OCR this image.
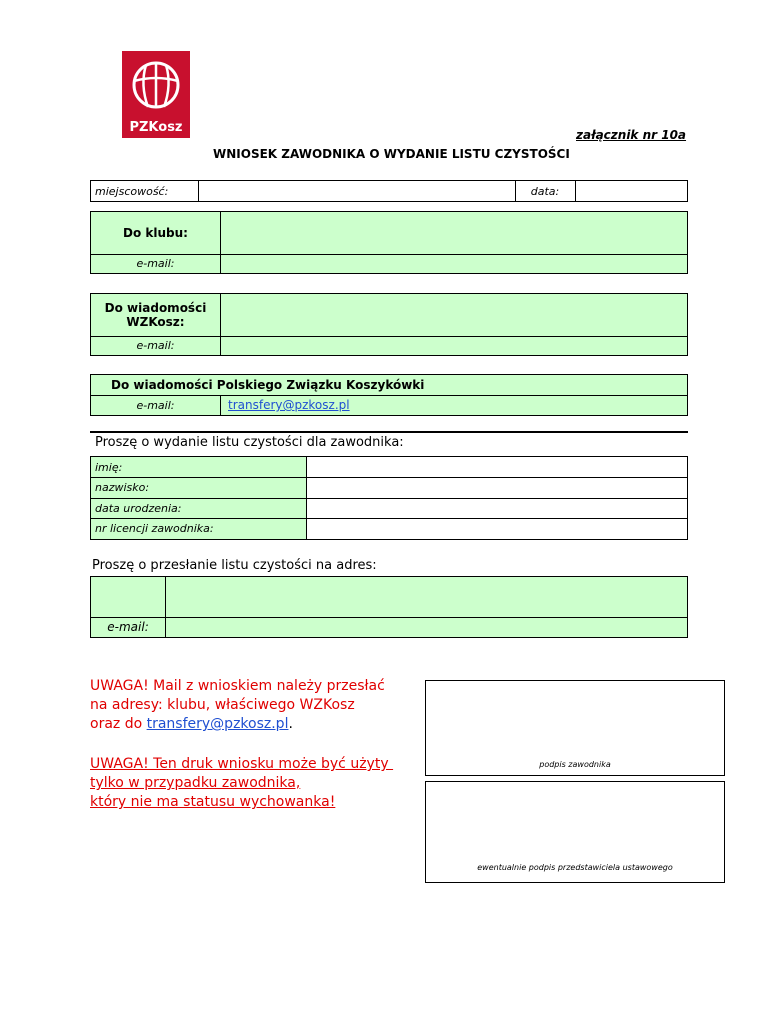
PZKosz	załącznik nr 10a
WNIOSEK ZAWODNIKA O WYDANIE LISTU CZYSTOŚCI
miejscowość:	data:
Do klubu:
e-mail:
Do wiadomości
WZKosz:
e-mail:
Do wiadomości Polskiego Związku Koszykówki
e-mail:	transfery@pzkosz.pl
Proszę o wydanie listu czystości dla zawodnika:
imię:
nazwisko:
data urodzenia:
nr licencji zawodnika:
Proszę o przesłanie listu czystości na adres:
e-mail:
UWAGA! Mail z wnioskiem należy przesłać
na adresy: klubu, właściwego WZKosz
oraz do transfery@pzkosz.pl.
UWAGA! Ten druk wniosku może być użyty
tylko w przypadku zawodnika,
który nie ma statusu wychowanka!
podpis zawodnika
ewentualnie podpis przedstawiciela ustawowego
